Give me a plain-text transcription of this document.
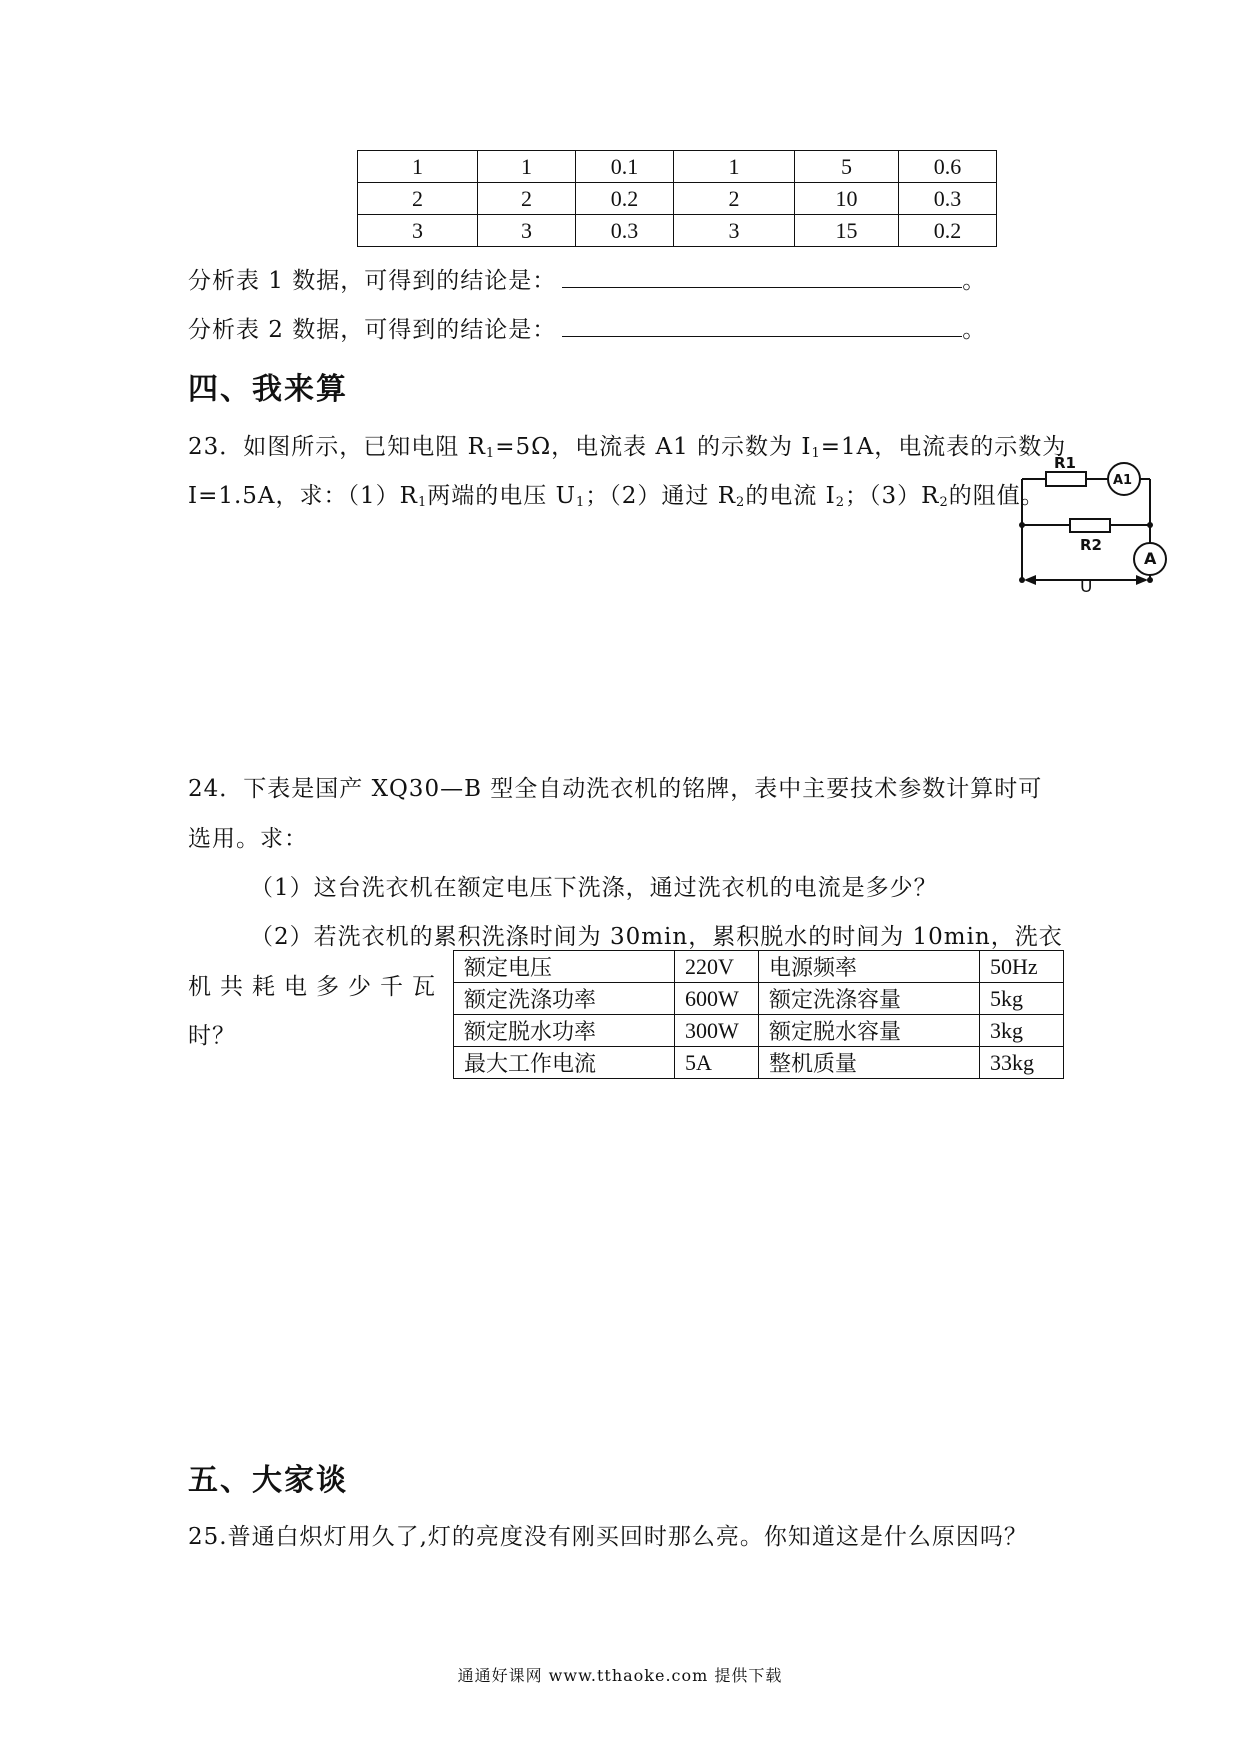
1	1	0.1	1	5	0.6
2	2	0.2	2	10	0.3
3	3	0.3	3	15	0.2
分析表 1 数据，可得到的结论是：	。
分析表 2 数据，可得到的结论是：	。
四、我来算
23．如图所示，已知电阻 $R_1=5\Omega$，电流表 A1 的示数为 $I_1=1A$，电流表的示数为
I=1.5A，求：$(1)R_1$两端的电压 $U_1$；（2）通过 $R_2$的电流 $I_2$；$(3)R_2$的阻值。
R1
A1
R2
A
U
24．下表是国产 XQ30—B 型全自动洗衣机的铭牌，表中主要技术参数计算时可
选用。求：
（1）这台洗衣机在额定电压下洗涤，通过洗衣机的电流是多少？
（2）若洗衣机的累积洗涤时间为 30min，累积脱水的时间为 10min，洗衣
机共耗电多少千瓦
时？
额定电压	220V	电源频率	50Hz
额定洗涤功率	600W	额定洗涤容量	5kg
额定脱水功率	300W	额定脱水容量	3kg
最大工作电流	5A	整机质量	33kg
五、大家谈
25.普通白炽灯用久了,灯的亮度没有刚买回时那么亮。你知道这是什么原因吗？
通通好课网 www.tthaoke.com 提供下载
